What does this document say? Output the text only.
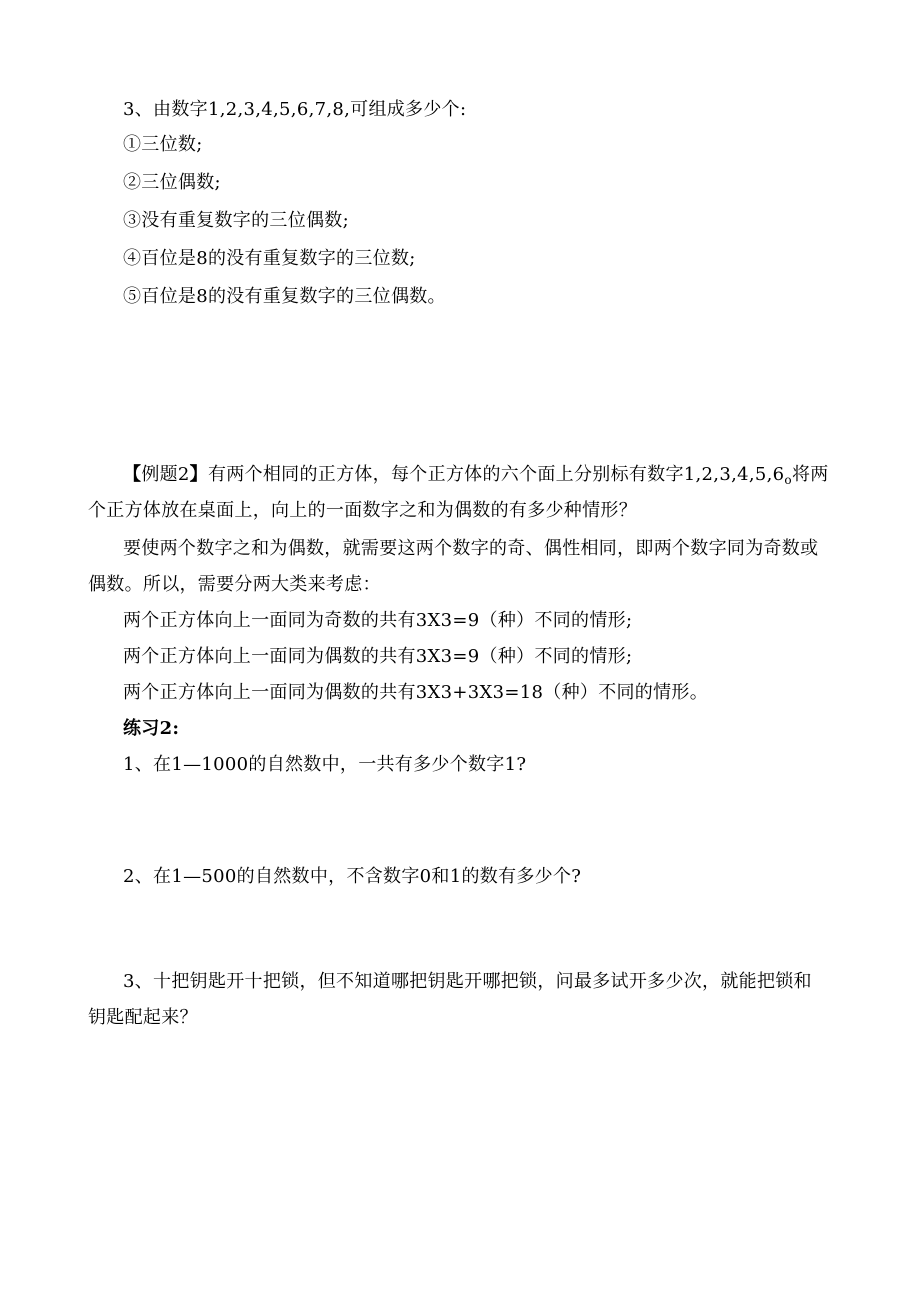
3、由数字1,2,3,4,5,6,7,8,可组成多少个:
①三位数;
②三位偶数;
③没有重复数字的三位偶数;
④百位是8的没有重复数字的三位数;
⑤百位是8的没有重复数字的三位偶数。
【例题2】有两个相同的正方体，每个正方体的六个面上分别标有数字$1,2,3,4,5,6_o$将两
个正方体放在桌面上，向上的一面数字之和为偶数的有多少种情形？
要使两个数字之和为偶数，就需要这两个数字的奇、偶性相同，即两个数字同为奇数或
偶数。所以，需要分两大类来考虑：
两个正方体向上一面同为奇数的共有3X3=9（种）不同的情形;
两个正方体向上一面同为偶数的共有3X3=9（种）不同的情形;
两个正方体向上一面同为偶数的共有3X3+3X3=18（种）不同的情形。
练习2:
1、在1—1000的自然数中，一共有多少个数字1?
2、在1—500的自然数中，不含数字0和1的数有多少个?
3、十把钥匙开十把锁，但不知道哪把钥匙开哪把锁，问最多试开多少次，就能把锁和
钥匙配起来？
